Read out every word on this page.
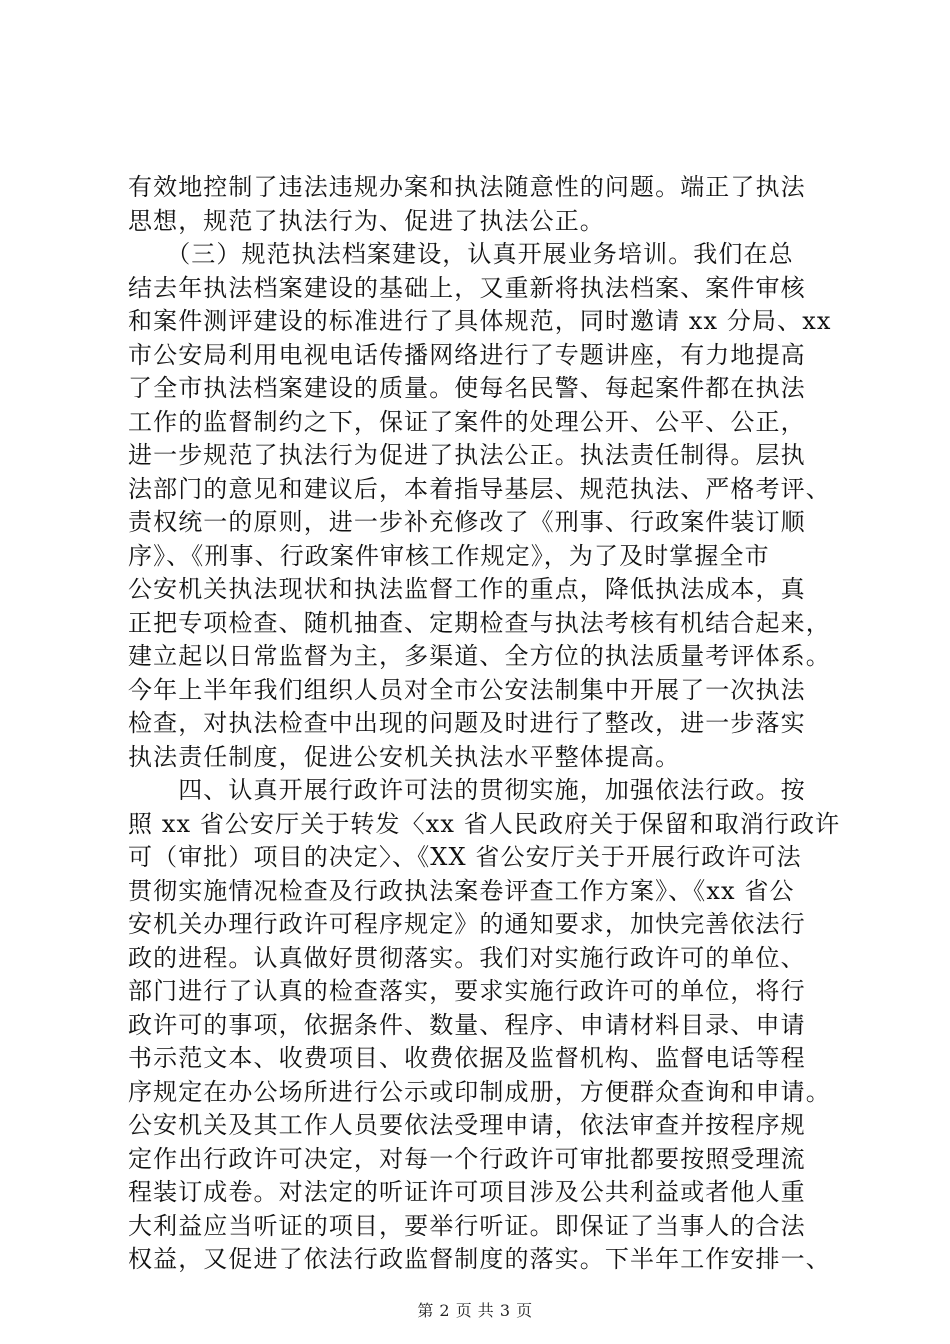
有效地控制了违法违规办案和执法随意性的问题。端正了执法
思想，规范了执法行为、促进了执法公正。
　　（三）规范执法档案建设，认真开展业务培训。我们在总
结去年执法档案建设的基础上，又重新将执法档案、案件审核
和案件测评建设的标准进行了具体规范，同时邀请 xx 分局、xx
市公安局利用电视电话传播网络进行了专题讲座，有力地提高
了全市执法档案建设的质量。使每名民警、每起案件都在执法
工作的监督制约之下，保证了案件的处理公开、公平、公正，
进一步规范了执法行为促进了执法公正。执法责任制得。层执
法部门的意见和建议后，本着指导基层、规范执法、严格考评、
责权统一的原则，进一步补充修改了《刑事、行政案件装订顺
序》、《刑事、行政案件审核工作规定》，为了及时掌握全市
公安机关执法现状和执法监督工作的重点，降低执法成本，真
正把专项检查、随机抽查、定期检查与执法考核有机结合起来，
建立起以日常监督为主，多渠道、全方位的执法质量考评体系。
今年上半年我们组织人员对全市公安法制集中开展了一次执法
检查，对执法检查中出现的问题及时进行了整改，进一步落实
执法责任制度，促进公安机关执法水平整体提高。
　　四、认真开展行政许可法的贯彻实施，加强依法行政。按
照 xx 省公安厅关于转发〈xx 省人民政府关于保留和取消行政许
可（审批）项目的决定〉、《XX 省公安厅关于开展行政许可法
贯彻实施情况检查及行政执法案卷评查工作方案》、《xx 省公
安机关办理行政许可程序规定》的通知要求，加快完善依法行
政的进程。认真做好贯彻落实。我们对实施行政许可的单位、
部门进行了认真的检查落实，要求实施行政许可的单位，将行
政许可的事项，依据条件、数量、程序、申请材料目录、申请
书示范文本、收费项目、收费依据及监督机构、监督电话等程
序规定在办公场所进行公示或印制成册，方便群众查询和申请。
公安机关及其工作人员要依法受理申请，依法审查并按程序规
定作出行政许可决定，对每一个行政许可审批都要按照受理流
程装订成卷。对法定的听证许可项目涉及公共利益或者他人重
大利益应当听证的项目，要举行听证。即保证了当事人的合法
权益，又促进了依法行政监督制度的落实。下半年工作安排一、
第 2 页 共 3 页
